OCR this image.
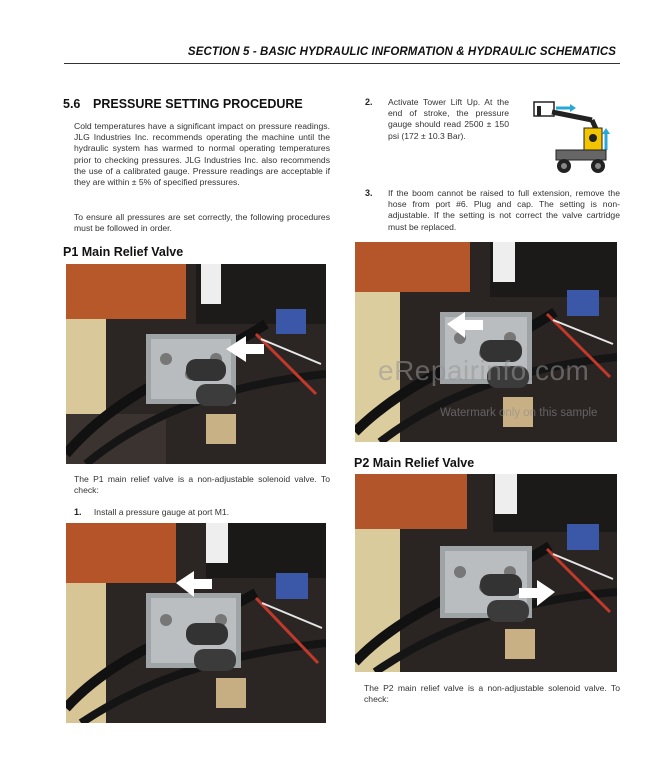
SECTION 5 - BASIC HYDRAULIC INFORMATION & HYDRAULIC SCHEMATICS
5.6 PRESSURE SETTING PROCEDURE
Cold temperatures have a significant impact on pressure readings. JLG Industries Inc. recommends operating the machine until the hydraulic system has warmed to normal operating temperatures prior to checking pressures. JLG Industries Inc. also recommends the use of a calibrated gauge. Pressure readings are acceptable if they are within ± 5% of specified pressures.
To ensure all pressures are set correctly, the following procedures must be followed in order.
P1 Main Relief Valve
The P1 main relief valve is a non-adjustable solenoid valve. To check:
1. Install a pressure gauge at port M1.
2.	Activate Tower Lift Up. At the end of stroke, the pressure gauge should read 2500 ± 150 psi (172 ± 10.3 Bar).
3.	If the boom cannot be raised to full extension, remove the hose from port #6. Plug and cap. The setting is non-adjustable. If the setting is not correct the valve cartridge must be replaced.
eRepairinfo.com
Watermark only on this sample
P2 Main Relief Valve
The P2 main relief valve is a non-adjustable solenoid valve. To check:
